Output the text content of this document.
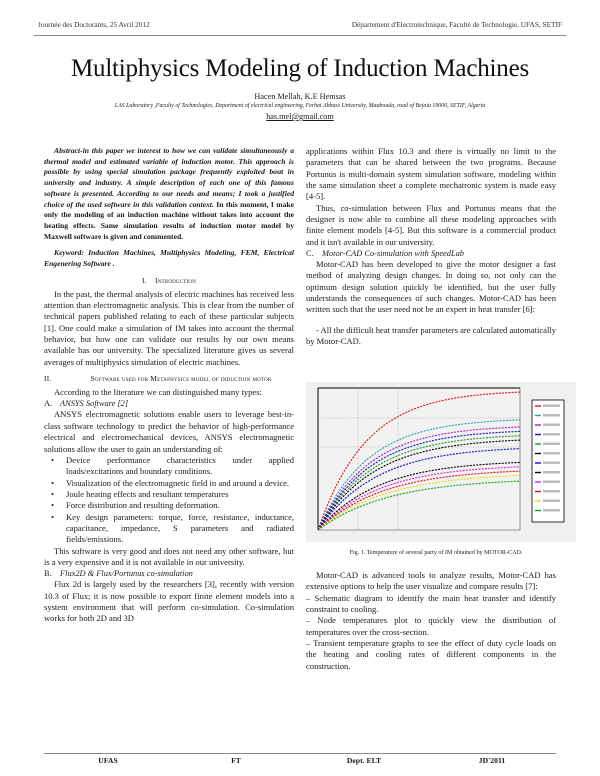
Journée des Doctorants, 25 Avril 2012	Département d'Electrotechnique, Faculté de Technologie, UFAS, SETIF
Multiphysics Modeling of Induction Machines
Hacen Mellah, K.E Hemsas
LAS Laboratory ,Faculty of Technologies, Department of electrical engineering, Ferhat Abbass University, Maabouda, road of Bejaia 19000, SETIF, Algeria
has.mel@gmail.com

Abstract-in this paper we interest to how we can validate simultaneously a thermal model and estimated variable of induction motor. This approach is possible by using special simulation package frequently exploited bout in university and industry. A simple description of each one of this famous software is presented. According to our needs and means; I took a justified choice of the used software in this validation context. In this moment, I make only the modeling of an induction machine without takes into account the heating effects. Same simulation results of induction motor model by Maxwell software is given and commented.

Keyword: Induction Machines, Multiphysics Modeling, FEM, Electrical Engenering Software .

I. Introduction

In the past, the thermal analysis of electric machines has received less attention than electromagnetic analysis. This is clear from the number of technical papers published relating to each of these particular subjects [1]. One could make a simulation of IM takes into account the thermal behavior, but how one can validate our results by our own means available has our university. The specialized literature gives us several averages of multiphysics simulation of electric machines.

II.	Software used for Metaphysics model of induction motor

According to the literature we can distinguished many types:

A. ANSYS Software [2]

ANSYS electromagnetic solutions enable users to leverage best-in-class software technology to predict the behavior of high-performance electrical and electromechanical devices, ANSYS electromagnetic solutions allow the user to gain an understanding of:

• Device performance characteristics under applied loads/excitations and boundary conditions.
• Visualization of the electromagnetic field in and around a device.
• Joule heating effects and resultant temperatures
• Force distribution and resulting deformation.
• Key design parameters: torque, force, resistance, inductance, capacitance, impedance, S parameters and radiated fields/emissions.

This software is very good and does not need any other software, but is a very expensive and it is not available in our university.

B. Flux2D & Flux/Portunus co-simulation

Flux 2d is largely used by the researchers [3], recently with version 10.3 of Flux; it is now possible to export finite element models into a system environment that will perform co-simulation. Co-simulation works for both 2D and 3D

applications within Flux 10.3 and there is virtually no limit to the parameters that can be shared between the two programs. Because Portunus is multi-domain system simulation software, modeling within the same simulation sheet a complete mechatronic system is made easy [4-5].

Thus, co-simulation between Flux and Portunus means that the designer is now able to combine all these modeling approaches with finite element models [4-5]. But this software is a commercial product and it isn't available in our university.

C. Motor-CAD Co-simulation with SpeedLab

Motor-CAD has been developed to give the motor designer a fast method of analyzing design changes. In doing so, not only can the optimum design solution quickly be identified, but the user fully understands the consequences of such changes. Motor-CAD has been written such that the user need not be an expert in heat transfer [6]:

- All the difficult heat transfer parameters are calculated automatically by Motor-CAD.

Fig. 1. Temperature of several party of IM obtained by MOTOR-CAD.

Motor-CAD is advanced tools to analyze results, Motor-CAD has extensive options to help the user visualize and compare results [7]:

– Schematic diagram to identify the main heat transfer and identify constraint to cooling.

– Node temperatures plot to quickly view the distribution of temperatures over the cross-section.

– Transient temperature graphs to see the effect of duty cycle loads on the heating and cooling rates of different components in the construction.

UFAS	FT	Dept. ELT	JD'2011
